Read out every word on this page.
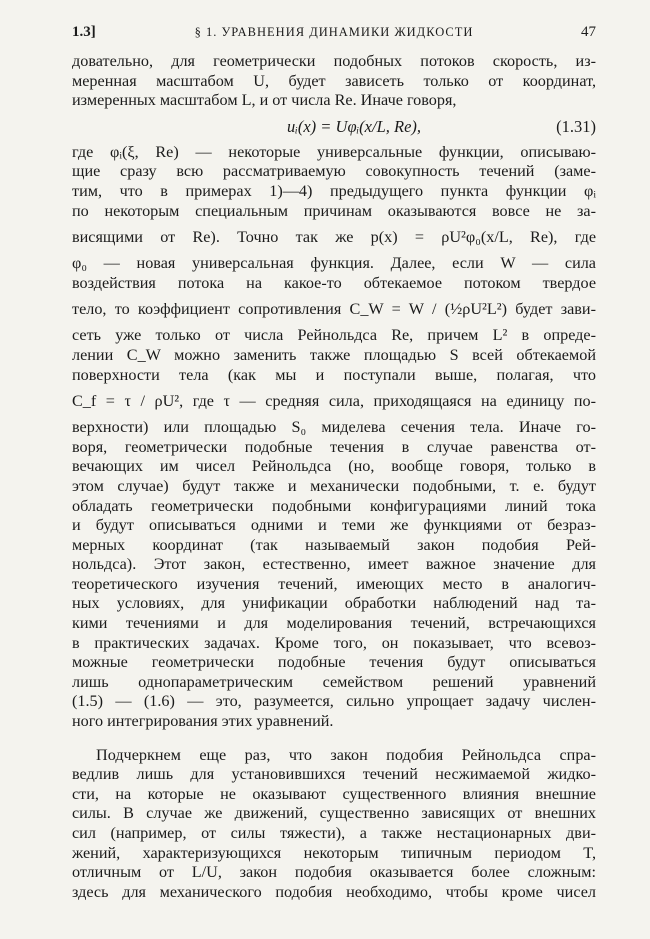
1.3]	§ 1. УРАВНЕНИЯ ДИНАМИКИ ЖИДКОСТИ	47
довательно, для геометрически подобных потоков скорость, из-
меренная масштабом U, будет зависеть только от координат,
измеренных масштабом L, и от числа Re. Иначе говоря,
uᵢ(x) = Uφᵢ(x/L, Re),	(1.31)
где φᵢ(ξ, Re) — некоторые универсальные функции, описываю-
щие сразу всю рассматриваемую совокупность течений (заме-
тим, что в примерах 1)—4) предыдущего пункта функции φᵢ
по некоторым специальным причинам оказываются вовсе не за-
висящими от Re). Точно так же p(x) = ρU²φ₀(x/L, Re), где
φ₀ — новая универсальная функция. Далее, если W — сила
воздействия потока на какое-то обтекаемое потоком твердое
тело, то коэффициент сопротивления C_W = W / (½ρU²L²) будет зави-
сеть уже только от числа Рейнольдса Re, причем L² в опреде-
лении C_W можно заменить также площадью S всей обтекаемой
поверхности тела (как мы и поступали выше, полагая, что
C_f = τ / ρU², где τ — средняя сила, приходящаяся на единицу по-
верхности) или площадью S₀ миделева сечения тела. Иначе го-
воря, геометрически подобные течения в случае равенства от-
вечающих им чисел Рейнольдса (но, вообще говоря, только в
этом случае) будут также и механически подобными, т. е. будут
обладать геометрически подобными конфигурациями линий тока
и будут описываться одними и теми же функциями от безраз-
мерных координат (так называемый закон подобия Рей-
нольдса). Этот закон, естественно, имеет важное значение для
теоретического изучения течений, имеющих место в аналогич-
ных условиях, для унификации обработки наблюдений над та-
кими течениями и для моделирования течений, встречающихся
в практических задачах. Кроме того, он показывает, что всевоз-
можные геометрически подобные течения будут описываться
лишь однопараметрическим семейством решений уравнений
(1.5) — (1.6) — это, разумеется, сильно упрощает задачу числен-
ного интегрирования этих уравнений.
Подчеркнем еще раз, что закон подобия Рейнольдса спра-
ведлив лишь для установившихся течений несжимаемой жидко-
сти, на которые не оказывают существенного влияния внешние
силы. В случае же движений, существенно зависящих от внешних
сил (например, от силы тяжести), а также нестационарных дви-
жений, характеризующихся некоторым типичным периодом T,
отличным от L/U, закон подобия оказывается более сложным:
здесь для механического подобия необходимо, чтобы кроме чисел
